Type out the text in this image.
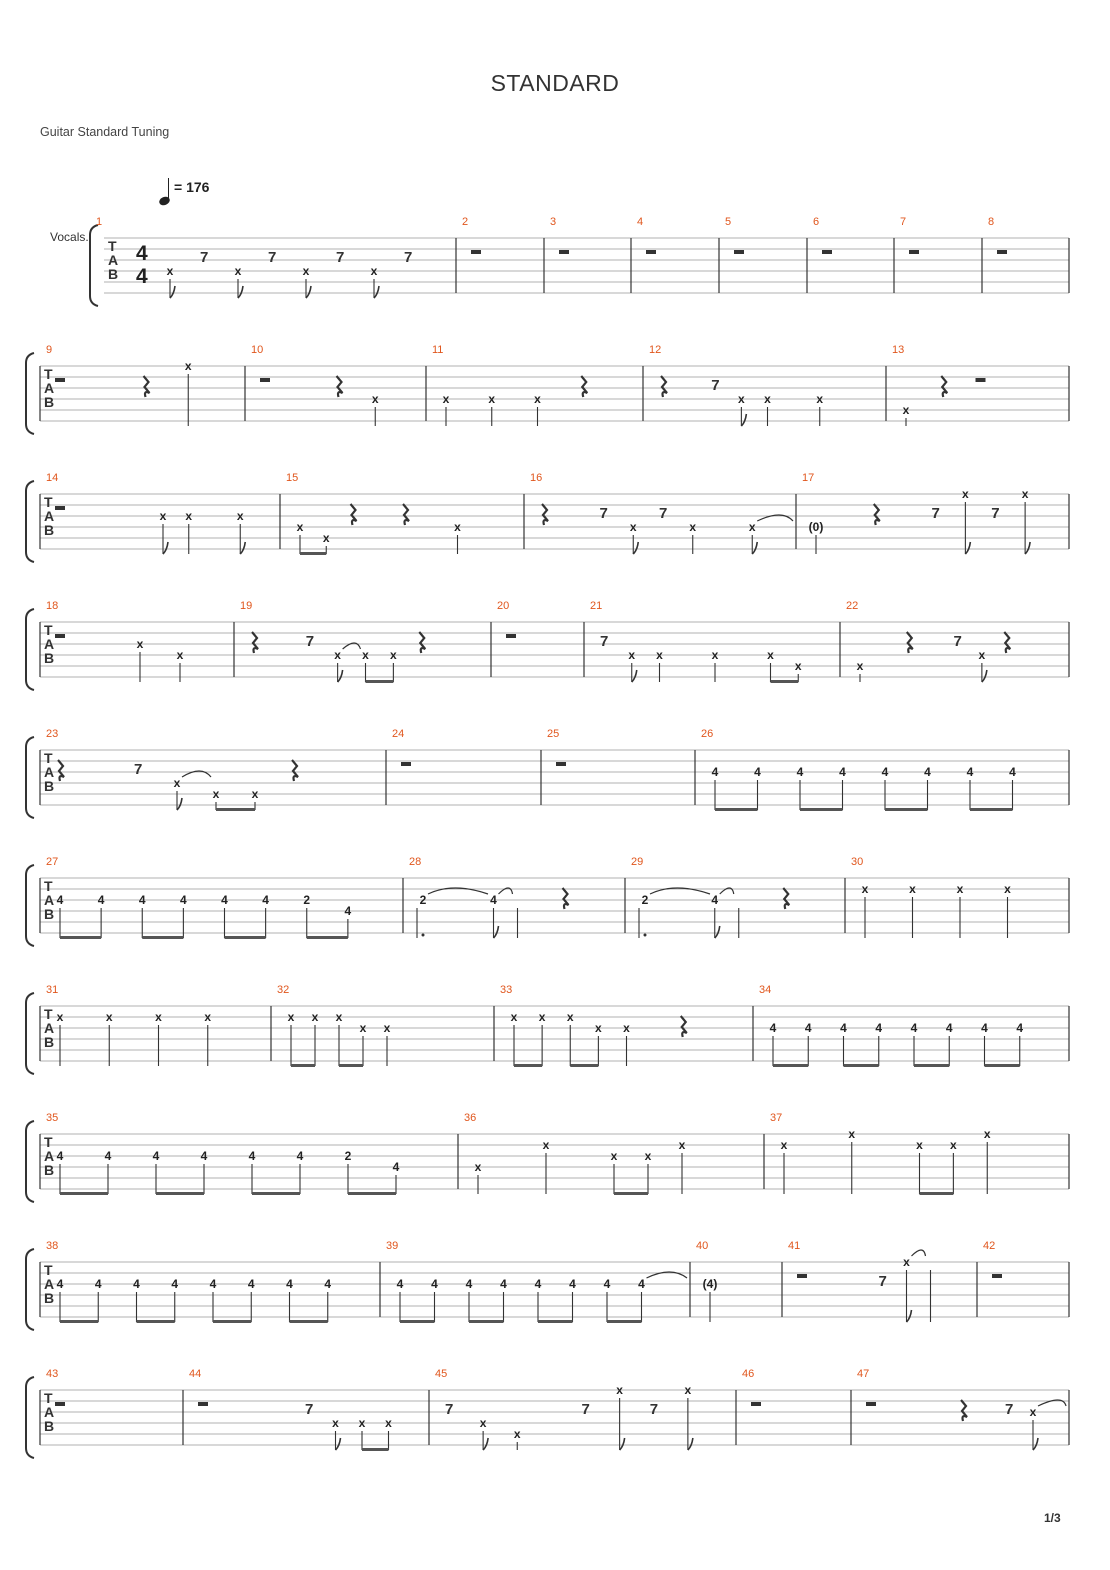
STANDARD
Guitar Standard Tuning
= 176
Vocals.
T
A
B
4
4
1
x
7
x
7
x
7
x
7
2	3	4	5	6	7	8
T
A
B
9
x
10
x
11
x	x	x
12
7
x x	x
13
x
T
A
B
14
x x	x
15
x
x
x
16
7
x
7
x	x
17
(0)
7
x
7
x
T
A
B
18
x
x
19
7
x x x
20	21
7
x x	x	x
x
22
x
7
x
T
A
B
23
7
x
x	x
24	25	26
4	4	4	4	4	4	4	4
T
A
B
27
4	4	4	4	4	4	2
4
28
2	4
29
2	4
30
x	x	x	x
T
A
B
31
x	x	x	x
32
x x x
x x
33
x x x
x x
34
4 4 4 4 4 4 4 4
T
A
B
35
4	4	4	4	4	4	2
4
36
x
x
x x
x
37
x
x
x x
x
T
A
B
38
4	4	4	4	4	4	4	4
39
4 4 4 4 4 4 4 4
40
(4)
41
7
x
42
T
A
B
43	44
7
x x x
45
7
x
x
7
x
7
x
46	47
7 x
1/3
